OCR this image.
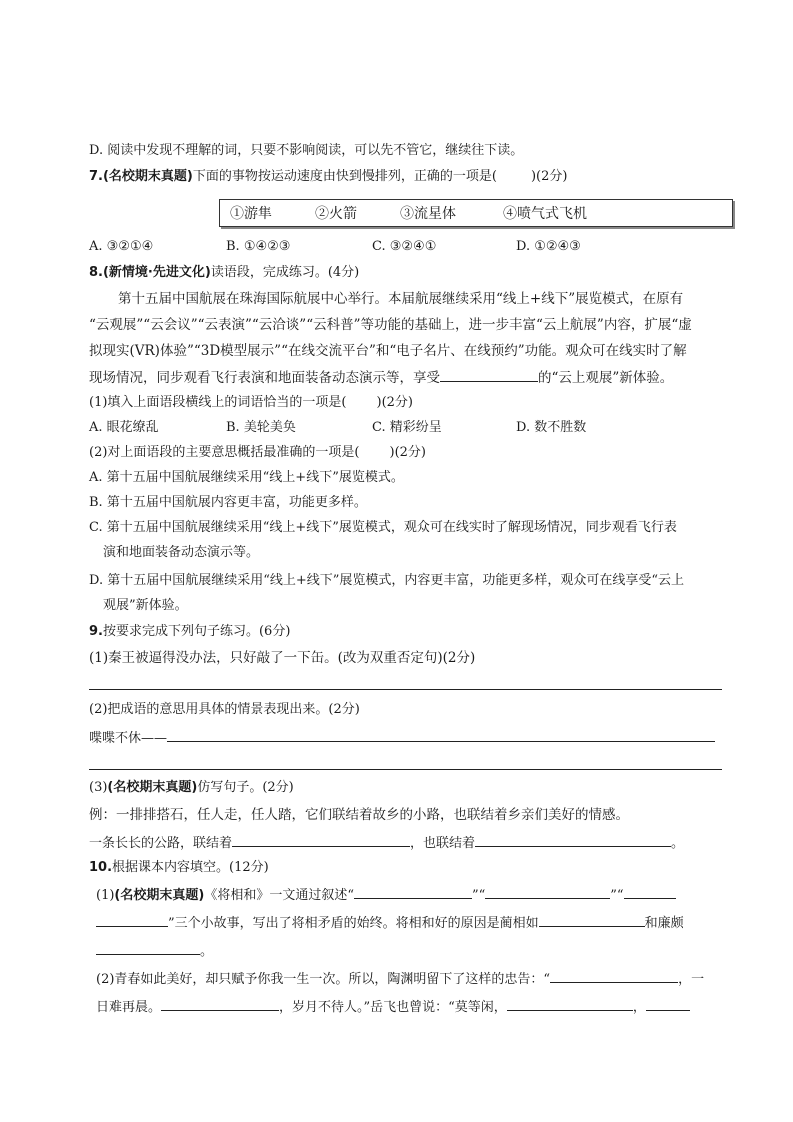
D. 阅读中发现不理解的词，只要不影响阅读，可以先不管它，继续往下读。
7.(名校期末真题)下面的事物按运动速度由快到慢排列，正确的一项是(	)(2分)
①游隼	②火箭	③流星体	④喷气式飞机
A. ③②①④	B. ①④②③	C. ③②④①	D. ①②④③
8.(新情境·先进文化)读语段，完成练习。(4分)
第十五届中国航展在珠海国际航展中心举行。本届航展继续采用“线上+线下”展览模式，在原有
“云观展”“云会议”“云表演”“云洽谈”“云科普”等功能的基础上，进一步丰富“云上航展”内容，扩展“虚
拟现实(VR)体验”“3D模型展示”“在线交流平台”和“电子名片、在线预约”功能。观众可在线实时了解
现场情况，同步观看飞行表演和地面装备动态演示等，享受	的“云上观展”新体验。
(1)填入上面语段横线上的词语恰当的一项是( )(2分)
A. 眼花缭乱	B. 美轮美奂	C. 精彩纷呈	D. 数不胜数
(2)对上面语段的主要意思概括最准确的一项是( )(2分)
A. 第十五届中国航展继续采用“线上+线下”展览模式。
B. 第十五届中国航展内容更丰富，功能更多样。
C. 第十五届中国航展继续采用“线上+线下”展览模式，观众可在线实时了解现场情况，同步观看飞行表
演和地面装备动态演示等。
D. 第十五届中国航展继续采用“线上+线下”展览模式，内容更丰富，功能更多样，观众可在线享受“云上
观展”新体验。
9.按要求完成下列句子练习。(6分)
(1)秦王被逼得没办法，只好敲了一下缶。(改为双重否定句)(2分)
(2)把成语的意思用具体的情景表现出来。(2分)
喋喋不休——
(3)(名校期末真题)仿写句子。(2分)
例：一排排搭石，任人走，任人踏，它们联结着故乡的小路，也联结着乡亲们美好的情感。
一条长长的公路，联结着	，也联结着	。
10.根据课本内容填空。(12分)
(1)(名校期末真题)《将相和》一文通过叙述“	”“	”“
”三个小故事，写出了将相矛盾的始终。将相和好的原因是蔺相如	和廉颇
。
(2)青春如此美好，却只赋予你我一生一次。所以，陶渊明留下了这样的忠告：“	，一
日难再晨。	，岁月不待人。”岳飞也曾说：“莫等闲，	，
